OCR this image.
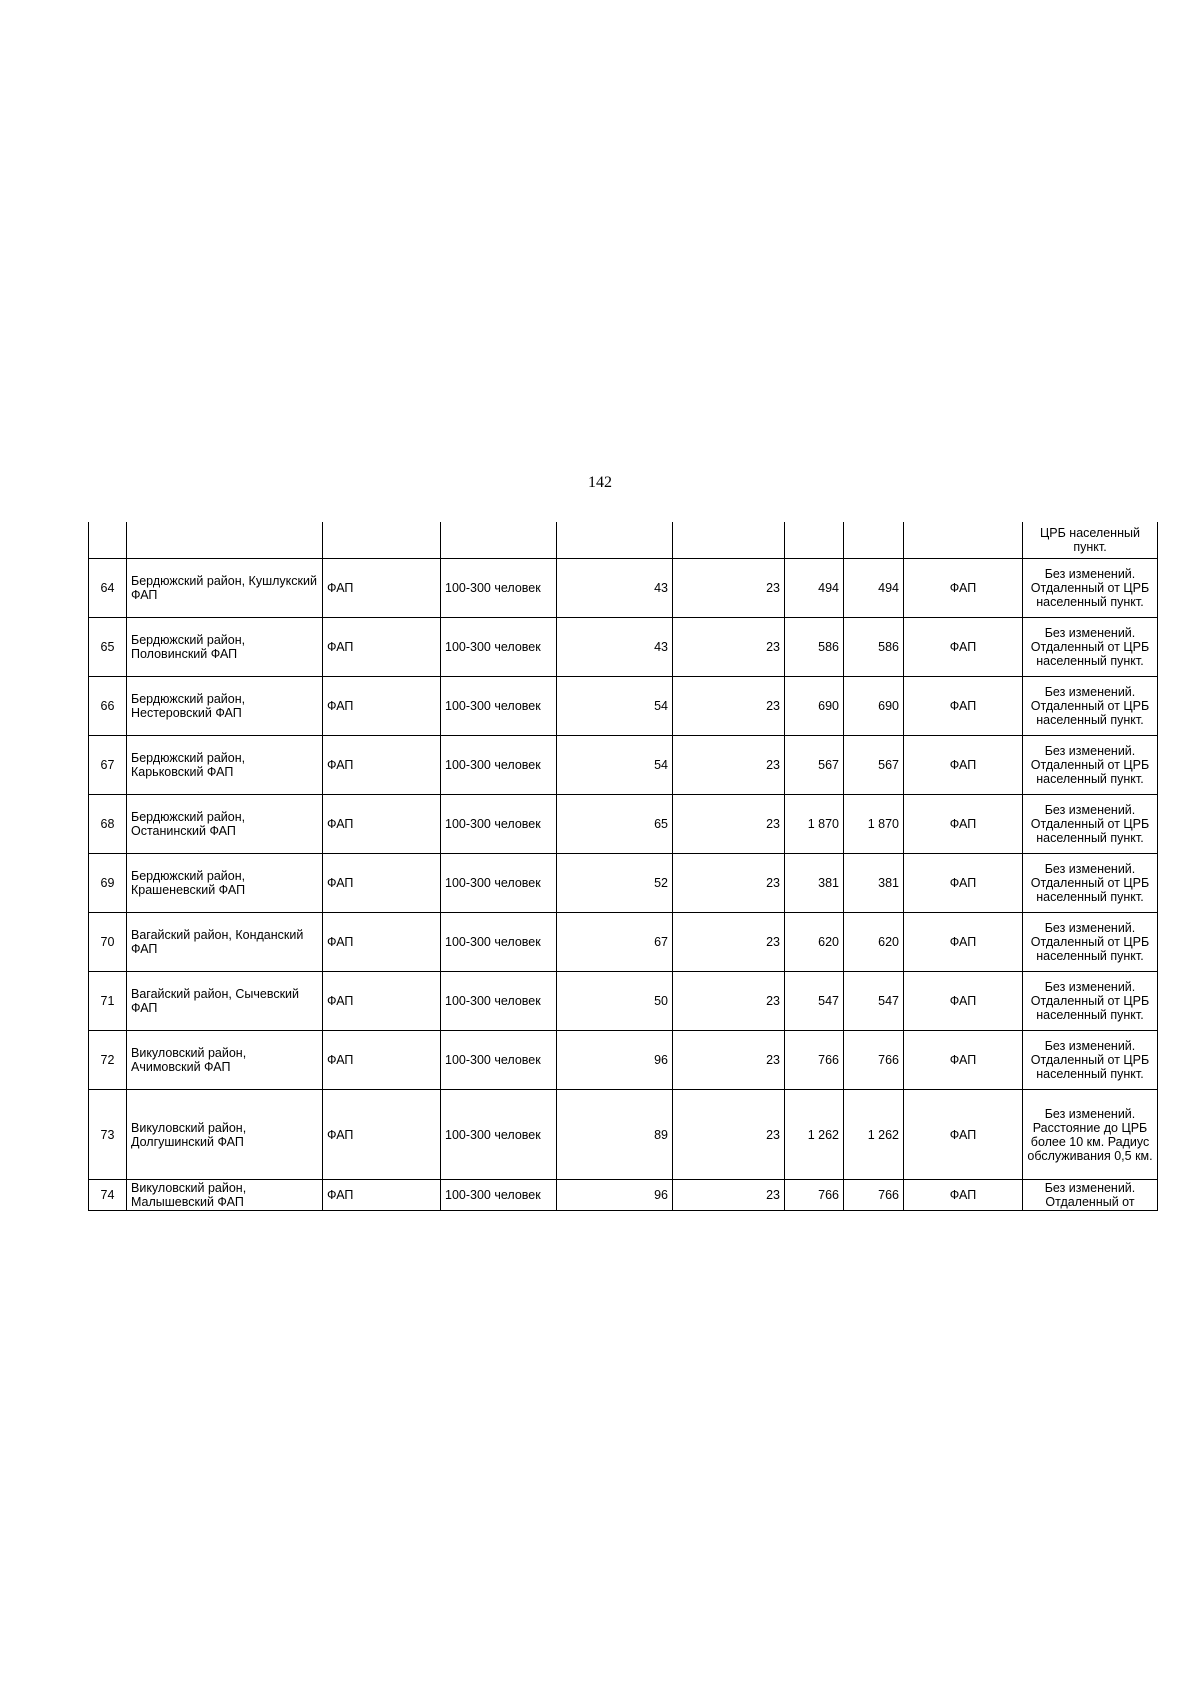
142
									ЦРБ населенный пункт.
64	Бердюжский район, Кушлукский ФАП	ФАП	100-300 человек	43	23	494	494	ФАП	Без изменений. Отдаленный от ЦРБ населенный пункт.
65	Бердюжский район, Половинский ФАП	ФАП	100-300 человек	43	23	586	586	ФАП	Без изменений. Отдаленный от ЦРБ населенный пункт.
66	Бердюжский район, Нестеровский ФАП	ФАП	100-300 человек	54	23	690	690	ФАП	Без изменений. Отдаленный от ЦРБ населенный пункт.
67	Бердюжский район, Карьковский ФАП	ФАП	100-300 человек	54	23	567	567	ФАП	Без изменений. Отдаленный от ЦРБ населенный пункт.
68	Бердюжский район, Останинский ФАП	ФАП	100-300 человек	65	23	1 870	1 870	ФАП	Без изменений. Отдаленный от ЦРБ населенный пункт.
69	Бердюжский район, Крашеневский ФАП	ФАП	100-300 человек	52	23	381	381	ФАП	Без изменений. Отдаленный от ЦРБ населенный пункт.
70	Вагайский район, Конданский ФАП	ФАП	100-300 человек	67	23	620	620	ФАП	Без изменений. Отдаленный от ЦРБ населенный пункт.
71	Вагайский район, Сычевский ФАП	ФАП	100-300 человек	50	23	547	547	ФАП	Без изменений. Отдаленный от ЦРБ населенный пункт.
72	Викуловский район, Ачимовский ФАП	ФАП	100-300 человек	96	23	766	766	ФАП	Без изменений. Отдаленный от ЦРБ населенный пункт.
73	Викуловский район, Долгушинский ФАП	ФАП	100-300 человек	89	23	1 262	1 262	ФАП	Без изменений. Расстояние до ЦРБ более 10 км. Радиус обслуживания 0,5 км.
74	Викуловский район, Малышевский ФАП	ФАП	100-300 человек	96	23	766	766	ФАП	Без изменений. Отдаленный от
